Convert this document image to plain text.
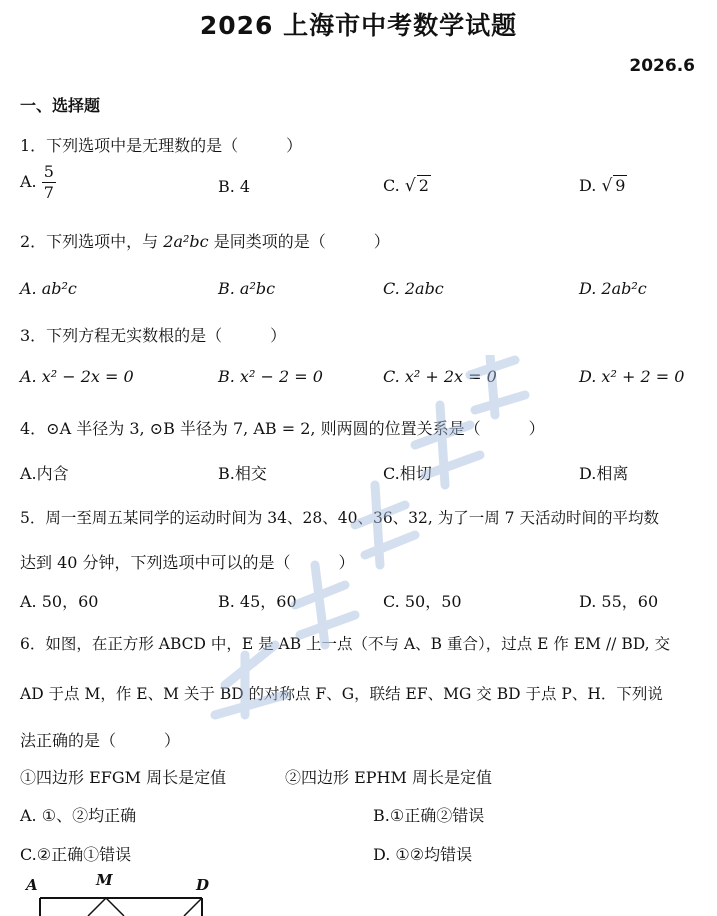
2026 上海市中考数学试题
2026.6
一、选择题
1．下列选项中是无理数的是（　　　）
A. $\frac{5}{7}$	B. 4	C. √ 2	D. √ 9
2．下列选项中，与 2a²bc 是同类项的是（　　　）
A. ab²c	B. a²bc	C. 2abc	D. 2ab²c
3．下列方程无实数根的是（　　　）
A. x² − 2x = 0	B. x² − 2 = 0	C. x² + 2x = 0	D. x² + 2 = 0
4．⊙A 半径为 3, ⊙B 半径为 7, AB = 2, 则两圆的位置关系是（　　　）
A.内含	B.相交	C.相切	D.相离
5．周一至周五某同学的运动时间为 34、28、40、36、32, 为了一周 7 天活动时间的平均数
达到 40 分钟，下列选项中可以的是（　　　）
A. 50，60	B. 45，60	C. 50，50	D. 55，60
6．如图，在正方形 ABCD 中，E 是 AB 上一点（不与 A、B 重合），过点 E 作 EM // BD, 交
AD 于点 M，作 E、M 关于 BD 的对称点 F、G，联结 EF、MG 交 BD 于点 P、H．下列说
法正确的是（　　　）
①四边形 EFGM 周长是定值	②四边形 EPHM 周长是定值
A. ①、②均正确	B.①正确②错误
C.②正确①错误	D. ①②均错误
A	M	D
